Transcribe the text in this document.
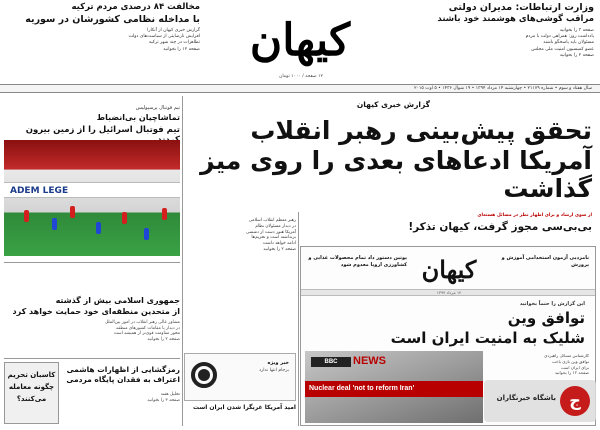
کیهان
۱۲ صفحه / ۱۰۰۰ تومان
سال هفتاد و سوم • شماره ۲۱۱۷۹ • چهارشنبه ۱۴ مرداد ۱۳۹۴ • ۱۹ شوال ۱۴۳۶ • ۵ اوت ۲۰۱۵
وزارت ارتباطات: مدیران دولتی
مراقب گوشی‌های هوشمند خود باشند
صفحه ۳ را بخوانید
یادداشت روز: همراهی دولت با مردم
مسئولان باید پاسخگو باشند
عضو کمیسیون امنیت ملی مجلس
صفحه ۲ را بخوانید
مخالفت ۸۴ درصدی مردم ترکیه
با مداخله نظامی کشورشان در سوریه
گزارش خبری کیهان از آنکارا
افزایش نارضایتی از سیاست‌های دولت
تظاهرات در چند شهر ترکیه
صفحه ۱۲ را بخوانید
گزارش خبری کیهان
تحقق پیش‌بینی رهبر انقلاب
آمریکا ادعاهای بعدی را روی میز گذاشت
از سوی ارشاد و برای اظهار نظر در مسائل هسته‌ای
بی‌بی‌سی مجوز گرفت، کیهان تذکر!
تیم فوتبال پرسپولیس
تماشاچیان بی‌انضباط
تیم فوتبال اسرائیل را از زمین بیرون
ADEM LEGE
جمهوری اسلامی بیش از گذشته
از متحدین منطقه‌ای خود حمایت خواهد کرد
مشاور عالی رهبر انقلاب در امور بین‌الملل
در دیدار با مقامات کشورهای منطقه
محور مقاومت قوی‌تر از همیشه است
صفحه ۲ را بخوانید
رمزگشایی از اظهارات هاشمی اعتراف به فقدان پایگاه مردمی
تحلیل هفته
صفحه ۳ را بخوانید
کاسبان تحریم چگونه معامله می‌کنند؟
رهبر معظم انقلاب اسلامی
در دیدار مسئولان نظام
آمریکا هنوز دست از دشمنی
برنداشته است و تحریم‌ها
ادامه خواهد داشت
صفحه ۲ را بخوانید
خبر ویژه
برجام انتها ندارد
امید آمریکا غربگرا شدن ایران است
کیهان
پوتین دستور داد تمام محصولات غذایی و کشاورزی اروپا معدوم شود
نامزدیی آزمون استخدامی آموزش و پرورش
۱۴ مرداد ۱۳۹۴
این گزارش را حتماً بخوانید
توافق وین
شلیک به امنیت ایران است
BBC	NEWS
Nuclear deal 'not to reform Iran'
کارشناس مسائل راهبردی
توافق وین بازی باخت
برای ایران است
صفحه ۱۲ را بخوانید
ج
باشگاه خبرنگاران
